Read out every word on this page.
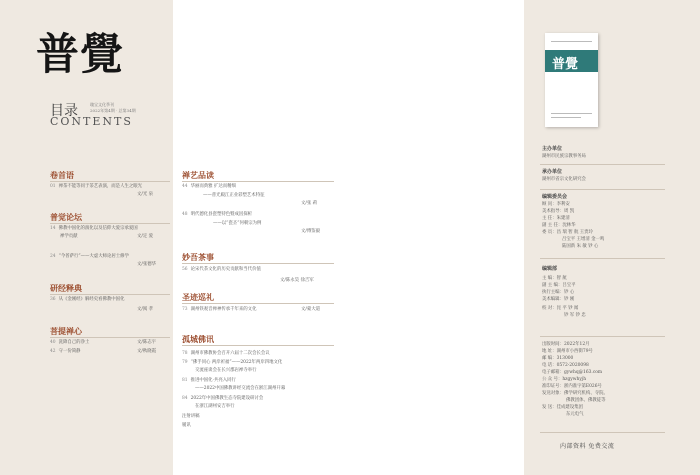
普覺
目录	瑰宝文化季刊
2022年第4期 · 总第34期
CONTENTS
卷首语
01 禅茶不能等同于茶艺表演，而是人生之眼光
文/光 泉
普觉论坛
14 佛教中国化的演化以及信仰大爱宗承爱国
禅学贡献	文/定 爱
24 “今普萨行”——大虚大师论居士修学
文/张德华
研经释典
36 从《金刚经》解经史看佛教中国化
文/阅 孝
菩提禅心
40 洗降自己的净土	文/陈志宇
42 守一份简静	文/秋晓霞
禅艺品读
44 华丽而典雅 扩达而精细
——普光殿江正业彩塑艺术特征
文/张 莉
48 明代德化县瓷塑特色暨成因探析
——以“瓷圣”何朝宗为例
文/傅鉴毅
妙吾茶事
56 论宋代茶文化的历史贡献和当代价值
文/陈永昊 徐吉军
圣迹巡礼
73 湖州铁观音禅神传承千年来的文化	文/蒙大道
孤城佛讯
78 湖州市佛教协会召开六届十二次会长会议
79 “佛手同心 两岸祈福”——2022年两岸四地文化
交流座谈会在长兴郡岩禅寺举行
81 推进中国化·共亮入同行
——2022中国佛教讲经交流会在浙江湖州开幕
84 2022年中国佛教生态寺院建设研讨会
在浙江湖州安吉举行
注射讲稿
履讯
普覺
主办单位
湖州市民族宗教事务局
承办单位
湖州市省宗文化研究会
编辑委员会
顾 问：李利安
美术指导：周 凯
主 任：朱建清
副 主 任：沈林华
委 员：昌 瑞 智 航 王贵玲
吕宝平 王增清 金一鸣
陆国新 朱 敏 钞 心
编辑部
主 编：智 航
副 主 编：吕宝平
执行主编：钞 心
美术编辑：钞 刚
校 对：昆 平 钞 闻
钞 军 钞 忠
出版时间：2022年12月
地 址：湖州市小西街79号
邮 编：313000
电 话：0572-2020098
电子邮箱：gywhq@163.com
公 众 号：hzgywhyjh
准印证号：浙内准字第E026号
发送对象：佛学研究机构、寺院、
佛教团体、佛教徒等
发 送：佳成建设集团
东元电气
内部资料 免费交流
